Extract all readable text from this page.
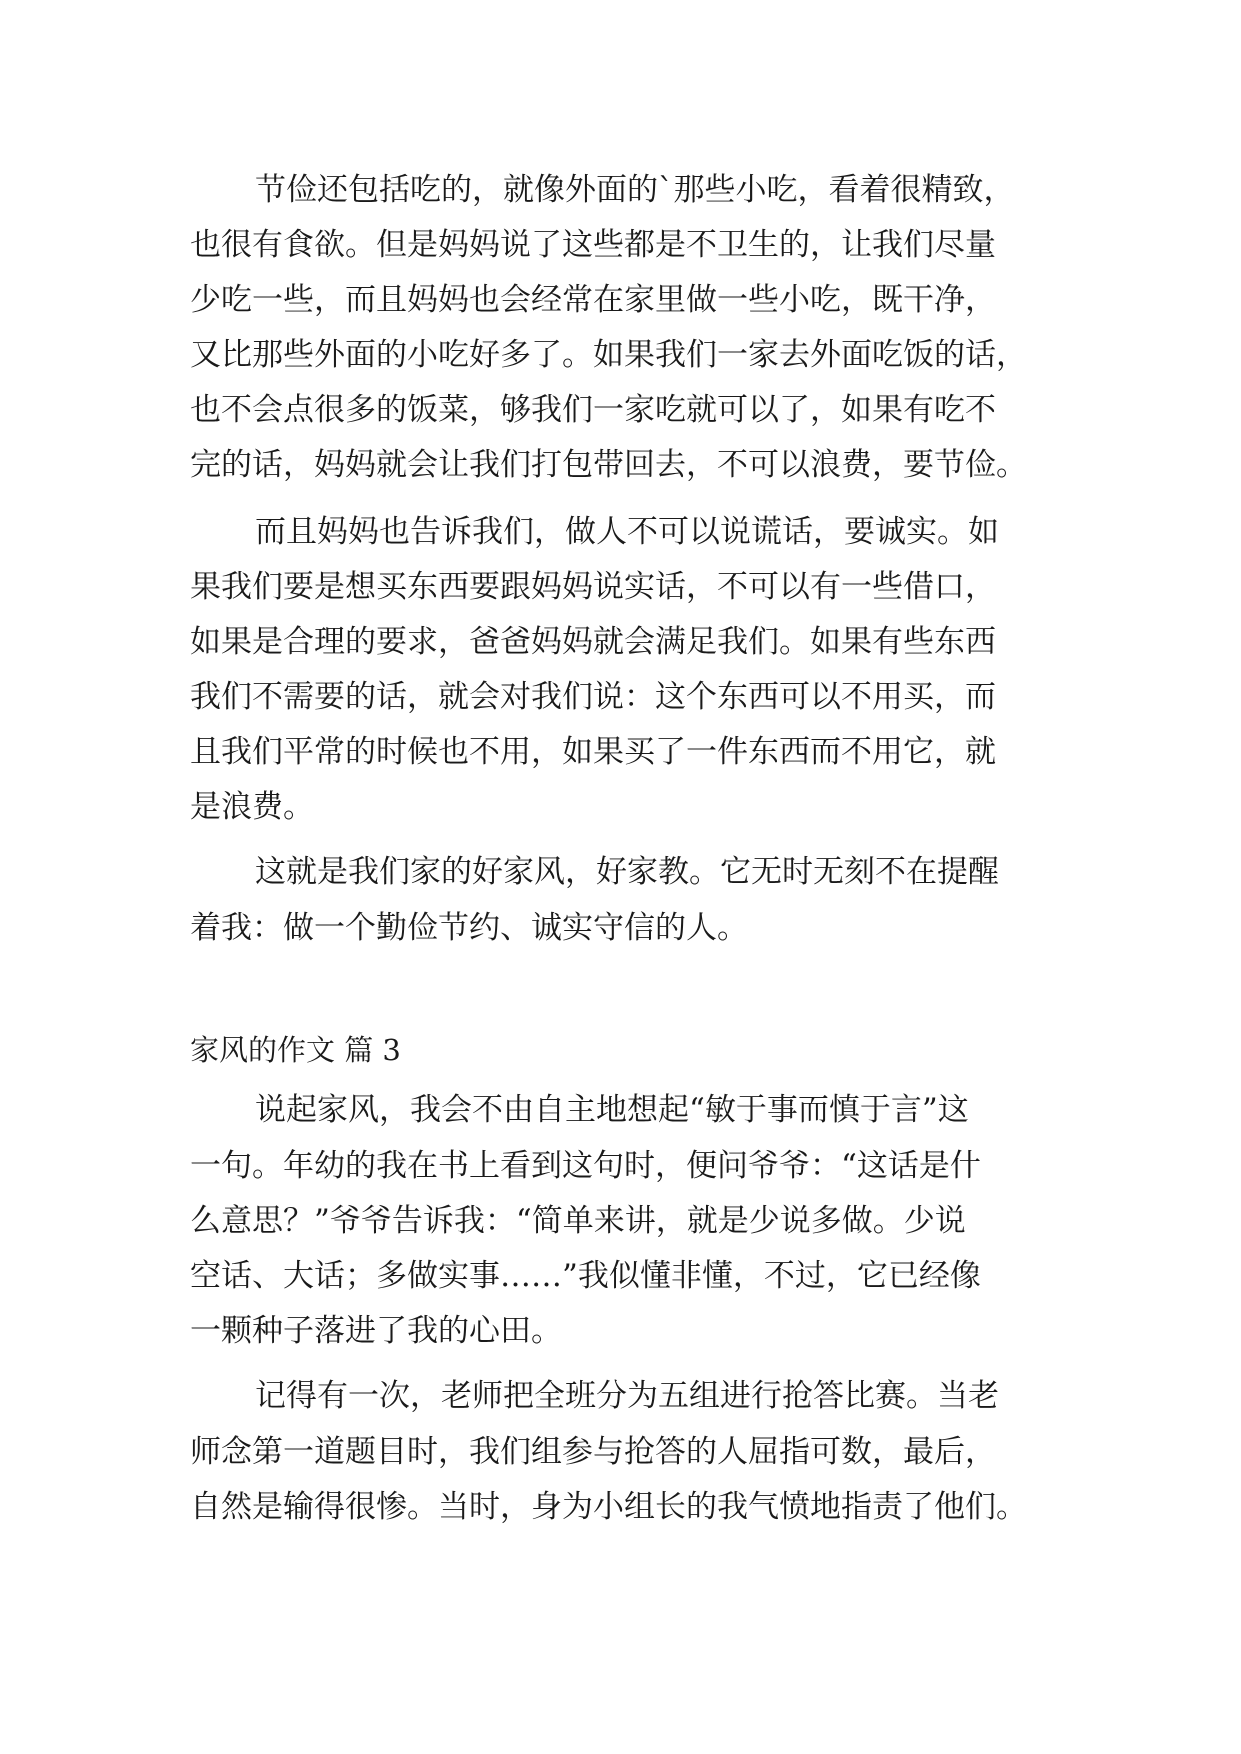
节俭还包括吃的，就像外面的`那些小吃，看着很精致，
也很有食欲。但是妈妈说了这些都是不卫生的，让我们尽量
少吃一些，而且妈妈也会经常在家里做一些小吃，既干净，
又比那些外面的小吃好多了。如果我们一家去外面吃饭的话，
也不会点很多的饭菜，够我们一家吃就可以了，如果有吃不
完的话，妈妈就会让我们打包带回去，不可以浪费，要节俭。
而且妈妈也告诉我们，做人不可以说谎话，要诚实。如
果我们要是想买东西要跟妈妈说实话，不可以有一些借口，
如果是合理的要求，爸爸妈妈就会满足我们。如果有些东西
我们不需要的话，就会对我们说：这个东西可以不用买，而
且我们平常的时候也不用，如果买了一件东西而不用它，就
是浪费。
这就是我们家的好家风，好家教。它无时无刻不在提醒
着我：做一个勤俭节约、诚实守信的人。
家风的作文 篇 3
说起家风，我会不由自主地想起“敏于事而慎于言”这
一句。年幼的我在书上看到这句时，便问爷爷：“这话是什
么意思？”爷爷告诉我：“简单来讲，就是少说多做。少说
空话、大话；多做实事……”我似懂非懂，不过，它已经像
一颗种子落进了我的心田。
记得有一次，老师把全班分为五组进行抢答比赛。当老
师念第一道题目时，我们组参与抢答的人屈指可数，最后，
自然是输得很惨。当时，身为小组长的我气愤地指责了他们。
